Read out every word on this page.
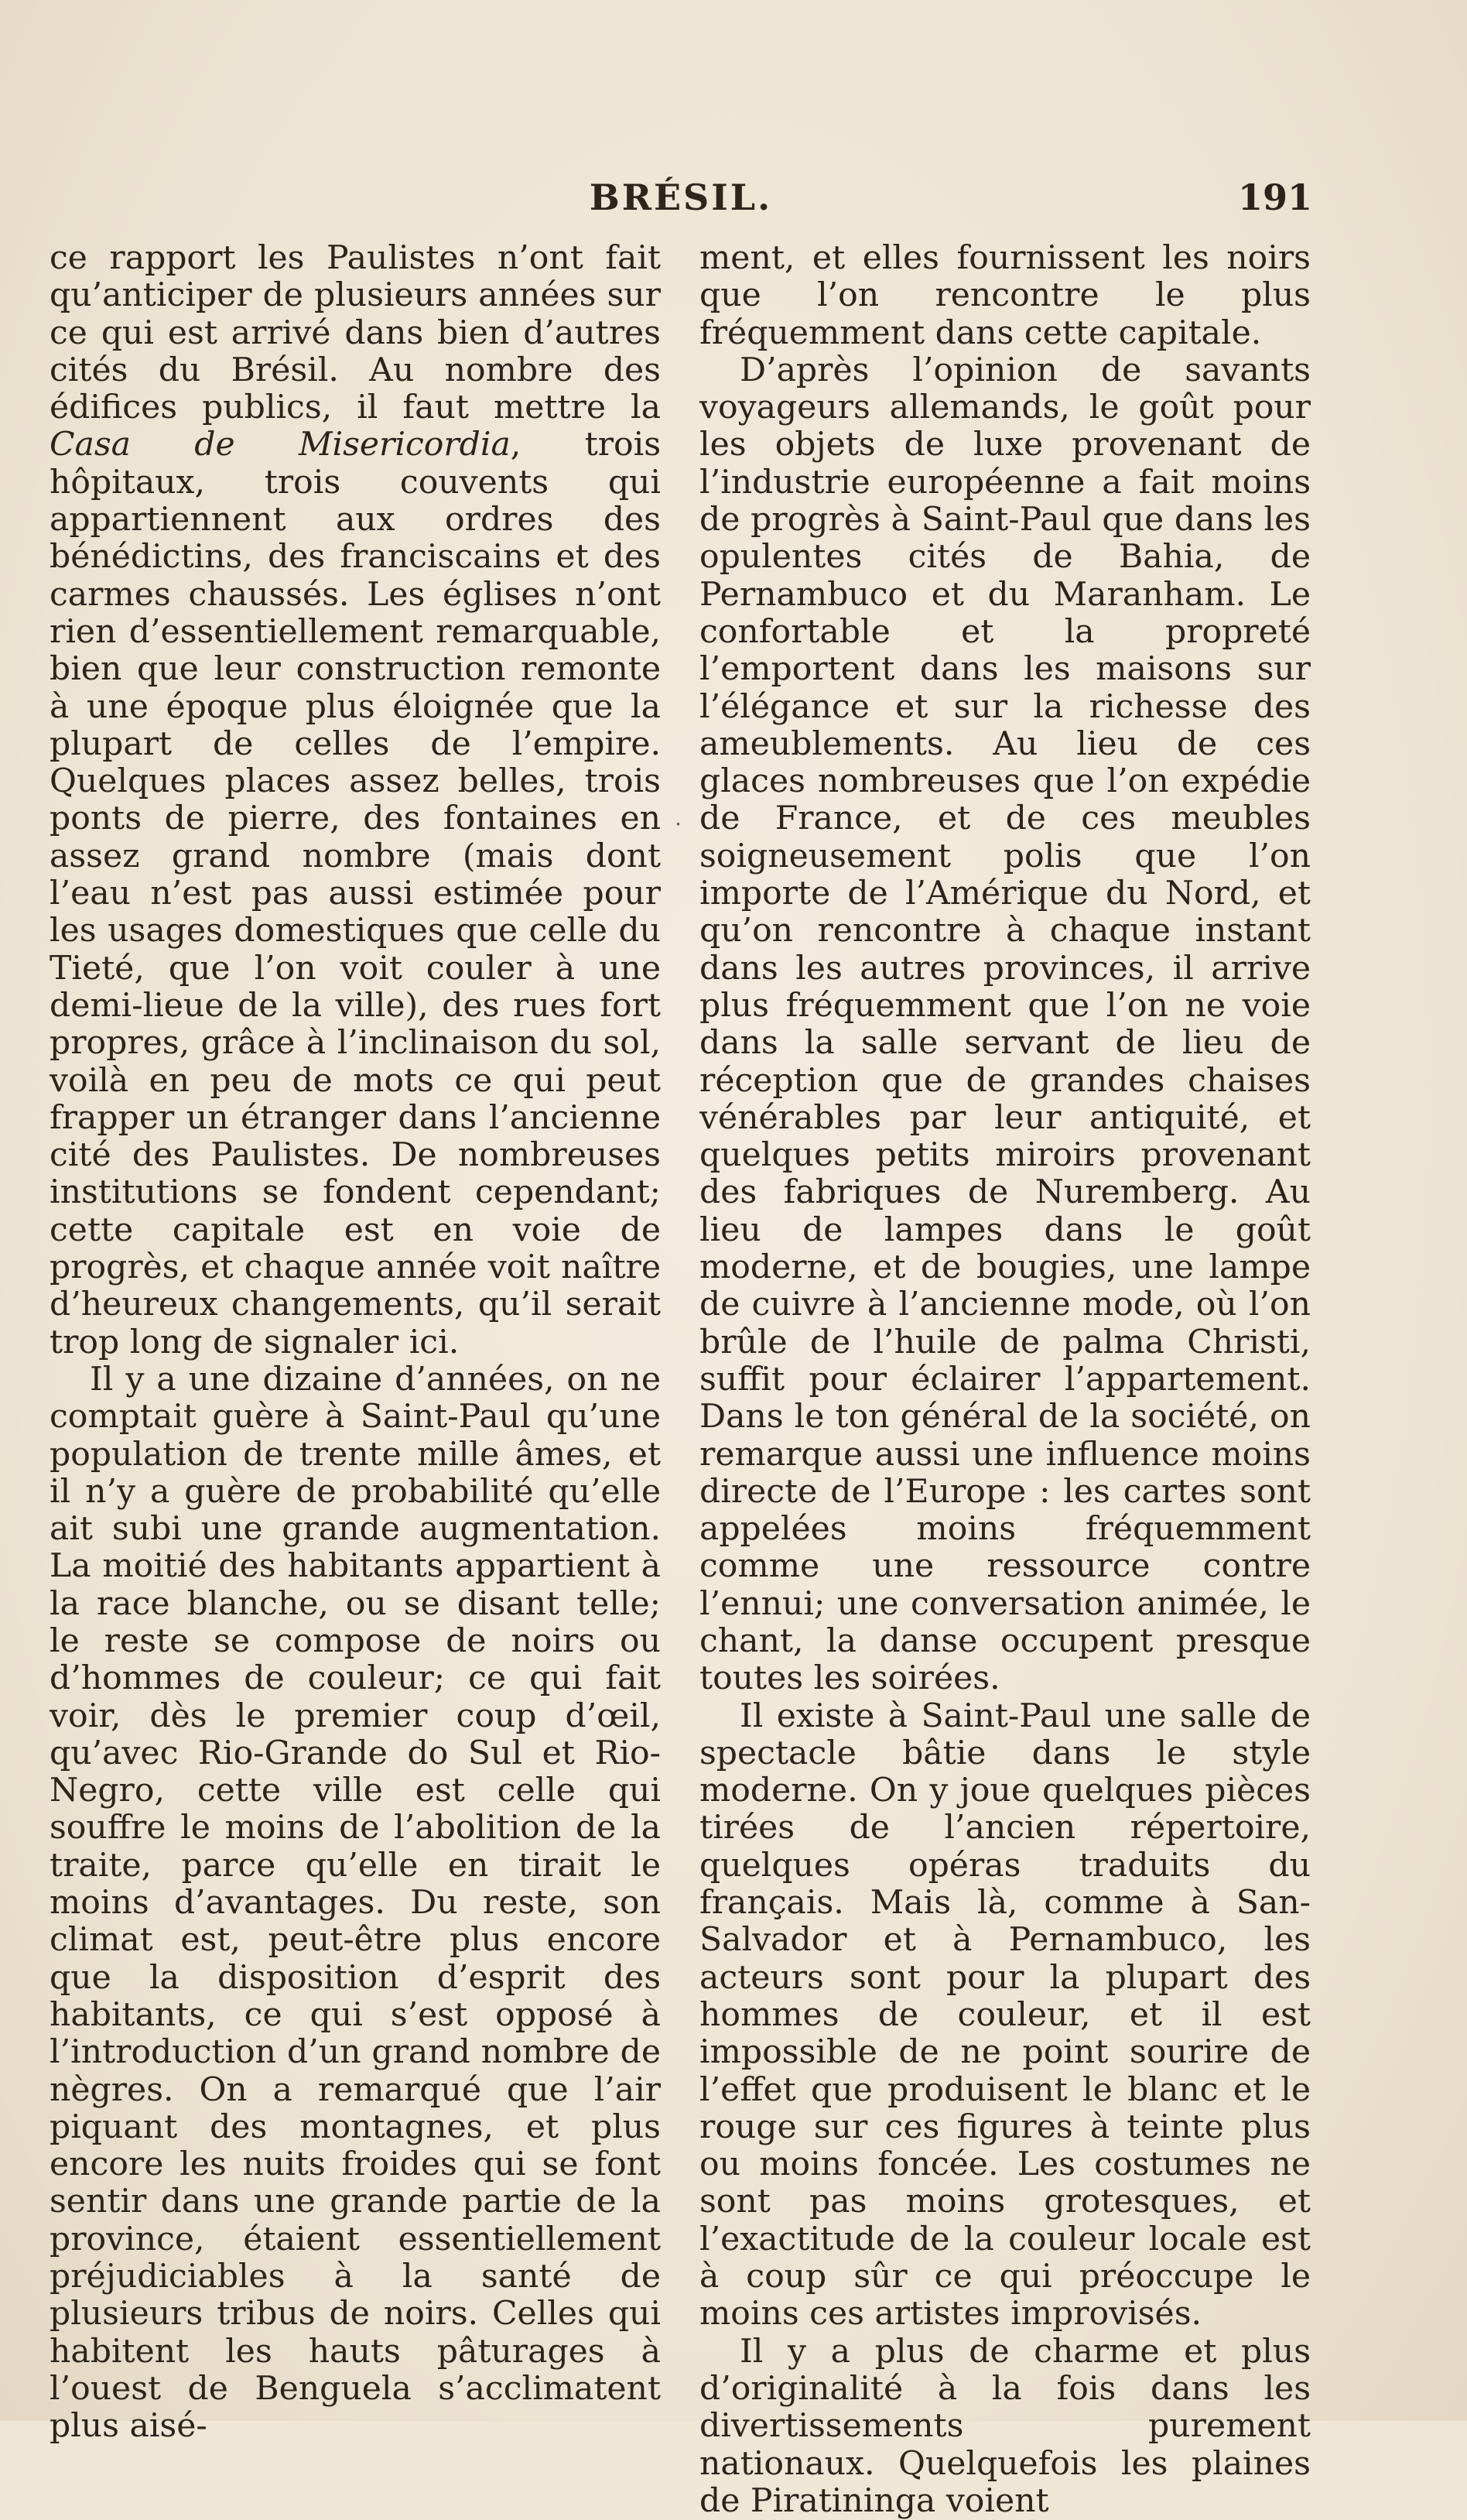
BRÉSIL.	191

ce rapport les Paulistes n’ont fait qu’anticiper de plusieurs années sur ce qui est arrivé dans bien d’autres cités du Brésil. Au nombre des édifices publics, il faut mettre la Casa de Misericordia, trois hôpitaux, trois couvents qui appartiennent aux ordres des bénédictins, des franciscains et des carmes chaussés. Les églises n’ont rien d’essentiellement remarquable, bien que leur construction remonte à une époque plus éloignée que la plupart de celles de l’empire. Quelques places assez belles, trois ponts de pierre, des fontaines en assez grand nombre (mais dont l’eau n’est pas aussi estimée pour les usages domestiques que celle du Tieté, que l’on voit couler à une demi-lieue de la ville), des rues fort propres, grâce à l’inclinaison du sol, voilà en peu de mots ce qui peut frapper un étranger dans l’ancienne cité des Paulistes. De nombreuses institutions se fondent cependant; cette capitale est en voie de progrès, et chaque année voit naître d’heureux changements, qu’il serait trop long de signaler ici.

Il y a une dizaine d’années, on ne comptait guère à Saint-Paul qu’une population de trente mille âmes, et il n’y a guère de probabilité qu’elle ait subi une grande augmentation. La moitié des habitants appartient à la race blanche, ou se disant telle; le reste se compose de noirs ou d’hommes de couleur; ce qui fait voir, dès le premier coup d’œil, qu’avec Rio-Grande do Sul et Rio-Negro, cette ville est celle qui souffre le moins de l’abolition de la traite, parce qu’elle en tirait le moins d’avantages. Du reste, son climat est, peut-être plus encore que la disposition d’esprit des habitants, ce qui s’est opposé à l’introduction d’un grand nombre de nègres. On a remarqué que l’air piquant des montagnes, et plus encore les nuits froides qui se font sentir dans une grande partie de la province, étaient essentiellement préjudiciables à la santé de plusieurs tribus de noirs. Celles qui habitent les hauts pâturages à l’ouest de Benguela s’acclimatent plus aisé-

.

ment, et elles fournissent les noirs que l’on rencontre le plus fréquemment dans cette capitale.

D’après l’opinion de savants voyageurs allemands, le goût pour les objets de luxe provenant de l’industrie européenne a fait moins de progrès à Saint-Paul que dans les opulentes cités de Bahia, de Pernambuco et du Maranham. Le confortable et la propreté l’emportent dans les maisons sur l’élégance et sur la richesse des ameublements. Au lieu de ces glaces nombreuses que l’on expédie de France, et de ces meubles soigneusement polis que l’on importe de l’Amérique du Nord, et qu’on rencontre à chaque instant dans les autres provinces, il arrive plus fréquemment que l’on ne voie dans la salle servant de lieu de réception que de grandes chaises vénérables par leur antiquité, et quelques petits miroirs provenant des fabriques de Nuremberg. Au lieu de lampes dans le goût moderne, et de bougies, une lampe de cuivre à l’ancienne mode, où l’on brûle de l’huile de palma Christi, suffit pour éclairer l’appartement. Dans le ton général de la société, on remarque aussi une influence moins directe de l’Europe : les cartes sont appelées moins fréquemment comme une ressource contre l’ennui; une conversation animée, le chant, la danse occupent presque toutes les soirées.

Il existe à Saint-Paul une salle de spectacle bâtie dans le style moderne. On y joue quelques pièces tirées de l’ancien répertoire, quelques opéras traduits du français. Mais là, comme à San-Salvador et à Pernambuco, les acteurs sont pour la plupart des hommes de couleur, et il est impossible de ne point sourire de l’effet que produisent le blanc et le rouge sur ces figures à teinte plus ou moins foncée. Les costumes ne sont pas moins grotesques, et l’exactitude de la couleur locale est à coup sûr ce qui préoccupe le moins ces artistes improvisés.

Il y a plus de charme et plus d’originalité à la fois dans les divertissements purement nationaux. Quelquefois les plaines de Piratininga voient
